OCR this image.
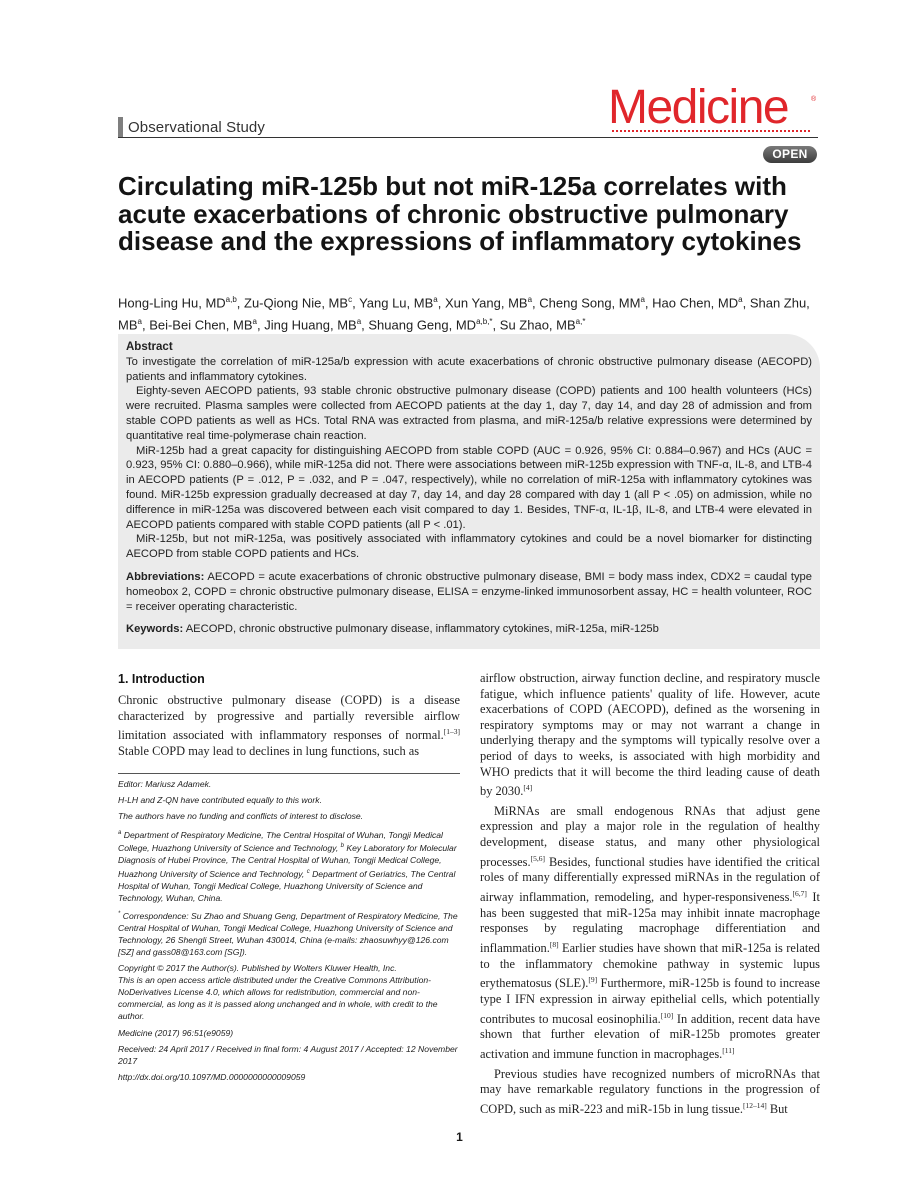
Observational Study	Medicine	®
OPEN
Circulating miR-125b but not miR-125a correlates with acute exacerbations of chronic obstructive pulmonary disease and the expressions of inflammatory cytokines
Hong-Ling Hu, MD$^{a,b}$, Zu-Qiong Nie, $MB^c$, Yang Lu, $MB^a$, Xun Yang, $MB^a$, Cheng Song, $MM^a$, Hao Chen, $MD^a$, Shan Zhu, $MB^a$, Bei-Bei Chen, $MB^a$, Jing Huang, $MB^a$, Shuang Geng, $MD^{a,b,*}$, Su Zhao, $MB^{a,*}$

Abstract

To investigate the correlation of miR-125a/b expression with acute exacerbations of chronic obstructive pulmonary disease (AECOPD) patients and inflammatory cytokines.

Eighty-seven AECOPD patients, 93 stable chronic obstructive pulmonary disease (COPD) patients and 100 health volunteers (HCs) were recruited. Plasma samples were collected from AECOPD patients at the day 1, day 7, day 14, and day 28 of admission and from stable COPD patients as well as HCs. Total RNA was extracted from plasma, and miR-125a/b relative expressions were determined by quantitative real time-polymerase chain reaction.

MiR-125b had a great capacity for distinguishing AECOPD from stable COPD (AUC = 0.926, 95% CI: 0.884–0.967) and HCs (AUC = 0.923, 95% CI: 0.880–0.966), while miR-125a did not. There were associations between miR-125b expression with TNF-α, IL-8, and LTB-4 in AECOPD patients (P = .012, P = .032, and P = .047, respectively), while no correlation of miR-125a with inflammatory cytokines was found. MiR-125b expression gradually decreased at day 7, day 14, and day 28 compared with day 1 (all P < .05) on admission, while no difference in miR-125a was discovered between each visit compared to day 1. Besides, TNF-α, IL-1β, IL-8, and LTB-4 were elevated in AECOPD patients compared with stable COPD patients (all P < .01).

MiR-125b, but not miR-125a, was positively associated with inflammatory cytokines and could be a novel biomarker for distincting AECOPD from stable COPD patients and HCs.

Abbreviations: AECOPD = acute exacerbations of chronic obstructive pulmonary disease, BMI = body mass index, CDX2 = caudal type homeobox 2, COPD = chronic obstructive pulmonary disease, ELISA = enzyme-linked immunosorbent assay, HC = health volunteer, ROC = receiver operating characteristic.

Keywords: AECOPD, chronic obstructive pulmonary disease, inflammatory cytokines, miR-125a, miR-125b

1. Introduction

Chronic obstructive pulmonary disease (COPD) is a disease characterized by progressive and partially reversible airflow limitation associated with inflammatory responses of normal.[1–3] Stable COPD may lead to declines in lung functions, such as

Editor: Mariusz Adamek.

H-LH and Z-QN have contributed equally to this work.

The authors have no funding and conflicts of interest to disclose.

$^a$ Department of Respiratory Medicine, The Central Hospital of Wuhan, Tongji Medical College, Huazhong University of Science and Technology, $^b$ Key Laboratory for Molecular Diagnosis of Hubei Province, The Central Hospital of Wuhan, Tongji Medical College, Huazhong University of Science and Technology, $^c$ Department of Geriatrics, The Central Hospital of Wuhan, Tongji Medical College, Huazhong University of Science and Technology, Wuhan, China.

* Correspondence: Su Zhao and Shuang Geng, Department of Respiratory Medicine, The Central Hospital of Wuhan, Tongji Medical College, Huazhong University of Science and Technology, 26 Shengli Street, Wuhan 430014, China (e-mails: zhaosuwhyy@126.com [SZ] and gass08@163.com [SG]).

Copyright © 2017 the Author(s). Published by Wolters Kluwer Health, Inc.
This is an open access article distributed under the Creative Commons Attribution-NoDerivatives License 4.0, which allows for redistribution, commercial and non-commercial, as long as it is passed along unchanged and in whole, with credit to the author.

Medicine (2017) 96:51(e9059)

Received: 24 April 2017 / Received in final form: 4 August 2017 / Accepted: 12 November 2017

http://dx.doi.org/10.1097/MD.0000000000009059

airflow obstruction, airway function decline, and respiratory muscle fatigue, which influence patients' quality of life. However, acute exacerbations of COPD (AECOPD), defined as the worsening in respiratory symptoms may or may not warrant a change in underlying therapy and the symptoms will typically resolve over a period of days to weeks, is associated with high morbidity and WHO predicts that it will become the third leading cause of death by 2030.[4]

MiRNAs are small endogenous RNAs that adjust gene expression and play a major role in the regulation of healthy development, disease status, and many other physiological processes.[5,6] Besides, functional studies have identified the critical roles of many differentially expressed miRNAs in the regulation of airway inflammation, remodeling, and hyper-responsiveness.[6,7] It has been suggested that miR-125a may inhibit innate macrophage responses by regulating macrophage differentiation and inflammation.[8] Earlier studies have shown that miR-125a is related to the inflammatory chemokine pathway in systemic lupus erythematosus (SLE).[9] Furthermore, miR-125b is found to increase type I IFN expression in airway epithelial cells, which potentially contributes to mucosal eosinophilia.[10] In addition, recent data have shown that further elevation of miR-125b promotes greater activation and immune function in macrophages.[11]

Previous studies have recognized numbers of microRNAs that may have remarkable regulatory functions in the progression of COPD, such as miR-223 and miR-15b in lung tissue.[12–14] But

1
